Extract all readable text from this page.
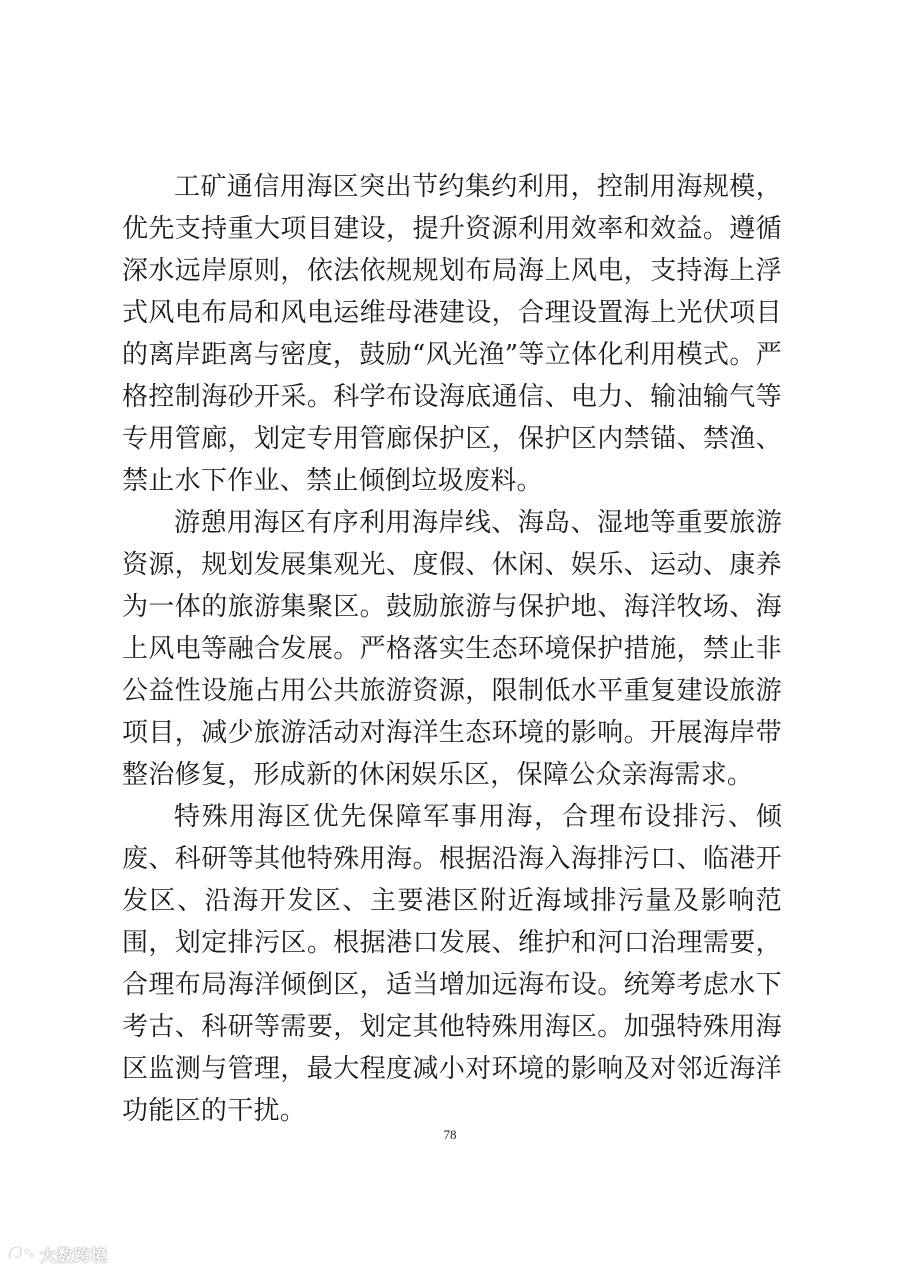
工矿通信用海区突出节约集约利用，控制用海规模，优先支持重大项目建设，提升资源利用效率和效益。遵循深水远岸原则，依法依规规划布局海上风电，支持海上浮式风电布局和风电运维母港建设，合理设置海上光伏项目的离岸距离与密度，鼓励“风光渔”等立体化利用模式。严格控制海砂开采。科学布设海底通信、电力、输油输气等专用管廊，划定专用管廊保护区，保护区内禁锚、禁渔、禁止水下作业、禁止倾倒垃圾废料。

游憩用海区有序利用海岸线、海岛、湿地等重要旅游资源，规划发展集观光、度假、休闲、娱乐、运动、康养为一体的旅游集聚区。鼓励旅游与保护地、海洋牧场、海上风电等融合发展。严格落实生态环境保护措施，禁止非公益性设施占用公共旅游资源，限制低水平重复建设旅游项目，减少旅游活动对海洋生态环境的影响。开展海岸带整治修复，形成新的休闲娱乐区，保障公众亲海需求。

特殊用海区优先保障军事用海，合理布设排污、倾废、科研等其他特殊用海。根据沿海入海排污口、临港开发区、沿海开发区、主要港区附近海域排污量及影响范围，划定排污区。根据港口发展、维护和河口治理需要，合理布局海洋倾倒区，适当增加远海布设。统筹考虑水下考古、科研等需要，划定其他特殊用海区。加强特殊用海区监测与管理，最大程度减小对环境的影响及对邻近海洋功能区的干扰。

78
大数跨境
